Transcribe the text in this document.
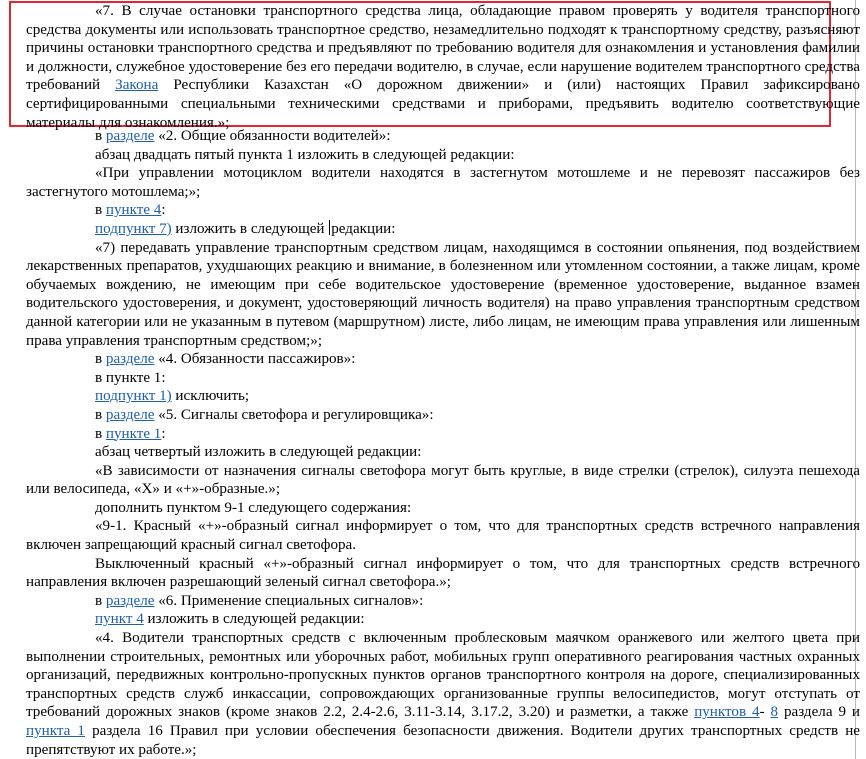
«7. В случае остановки транспортного средства лица, обладающие правом проверять у водителя транспортного средства документы или использовать транспортное средство, незамедлительно подходят к транспортному средству, разъясняют причины остановки транспортного средства и предъявляют по требованию водителя для ознакомления и установления фамилии и должности, служебное удостоверение без его передачи водителю, в случае, если нарушение водителем транспортного средства требований Закона Республики Казахстан «О дорожном движении» и (или) настоящих Правил зафиксировано сертифицированными специальными техническими средствами и приборами, предъявить водителю соответствующие материалы для ознакомления.»;

в разделе «2. Общие обязанности водителей»:

абзац двадцать пятый пункта 1 изложить в следующей редакции:

«При управлении мотоциклом водители находятся в застегнутом мотошлеме и не перевозят пассажиров без застегнутого мотошлема;»;

в пункте 4:

подпункт 7) изложить в следующей редакции:

«7) передавать управление транспортным средством лицам, находящимся в состоянии опьянения, под воздействием лекарственных препаратов, ухудшающих реакцию и внимание, в болезненном или утомленном состоянии, а также лицам, кроме обучаемых вождению, не имеющим при себе водительское удостоверение (временное удостоверение, выданное взамен водительского удостоверения, и документ, удостоверяющий личность водителя) на право управления транспортным средством данной категории или не указанным в путевом (маршрутном) листе, либо лицам, не имеющим права управления или лишенным права управления транспортным средством;»;

в разделе «4. Обязанности пассажиров»:

в пункте 1:

подпункт 1) исключить;

в разделе «5. Сигналы светофора и регулировщика»:

в пункте 1:

абзац четвертый изложить в следующей редакции:

«В зависимости от назначения сигналы светофора могут быть круглые, в виде стрелки (стрелок), силуэта пешехода или велосипеда, «Х» и «+»-образные.»;

дополнить пунктом 9-1 следующего содержания:

«9-1. Красный «+»-образный сигнал информирует о том, что для транспортных средств встречного направления включен запрещающий красный сигнал светофора.

Выключенный красный «+»-образный сигнал информирует о том, что для транспортных средств встречного направления включен разрешающий зеленый сигнал светофора.»;

в разделе «6. Применение специальных сигналов»:

пункт 4 изложить в следующей редакции:

«4. Водители транспортных средств с включенным проблесковым маячком оранжевого или желтого цвета при выполнении строительных, ремонтных или уборочных работ, мобильных групп оперативного реагирования частных охранных организаций, передвижных контрольно-пропускных пунктов органов транспортного контроля на дороге, специализированных транспортных средств служб инкассации, сопровождающих организованные группы велосипедистов, могут отступать от требований дорожных знаков (кроме знаков 2.2, 2.4-2.6, 3.11-3.14, 3.17.2, 3.20) и разметки, а также пунктов 4- 8 раздела 9 и пункта 1 раздела 16 Правил при условии обеспечения безопасности движения. Водители других транспортных средств не препятствуют их работе.»;
